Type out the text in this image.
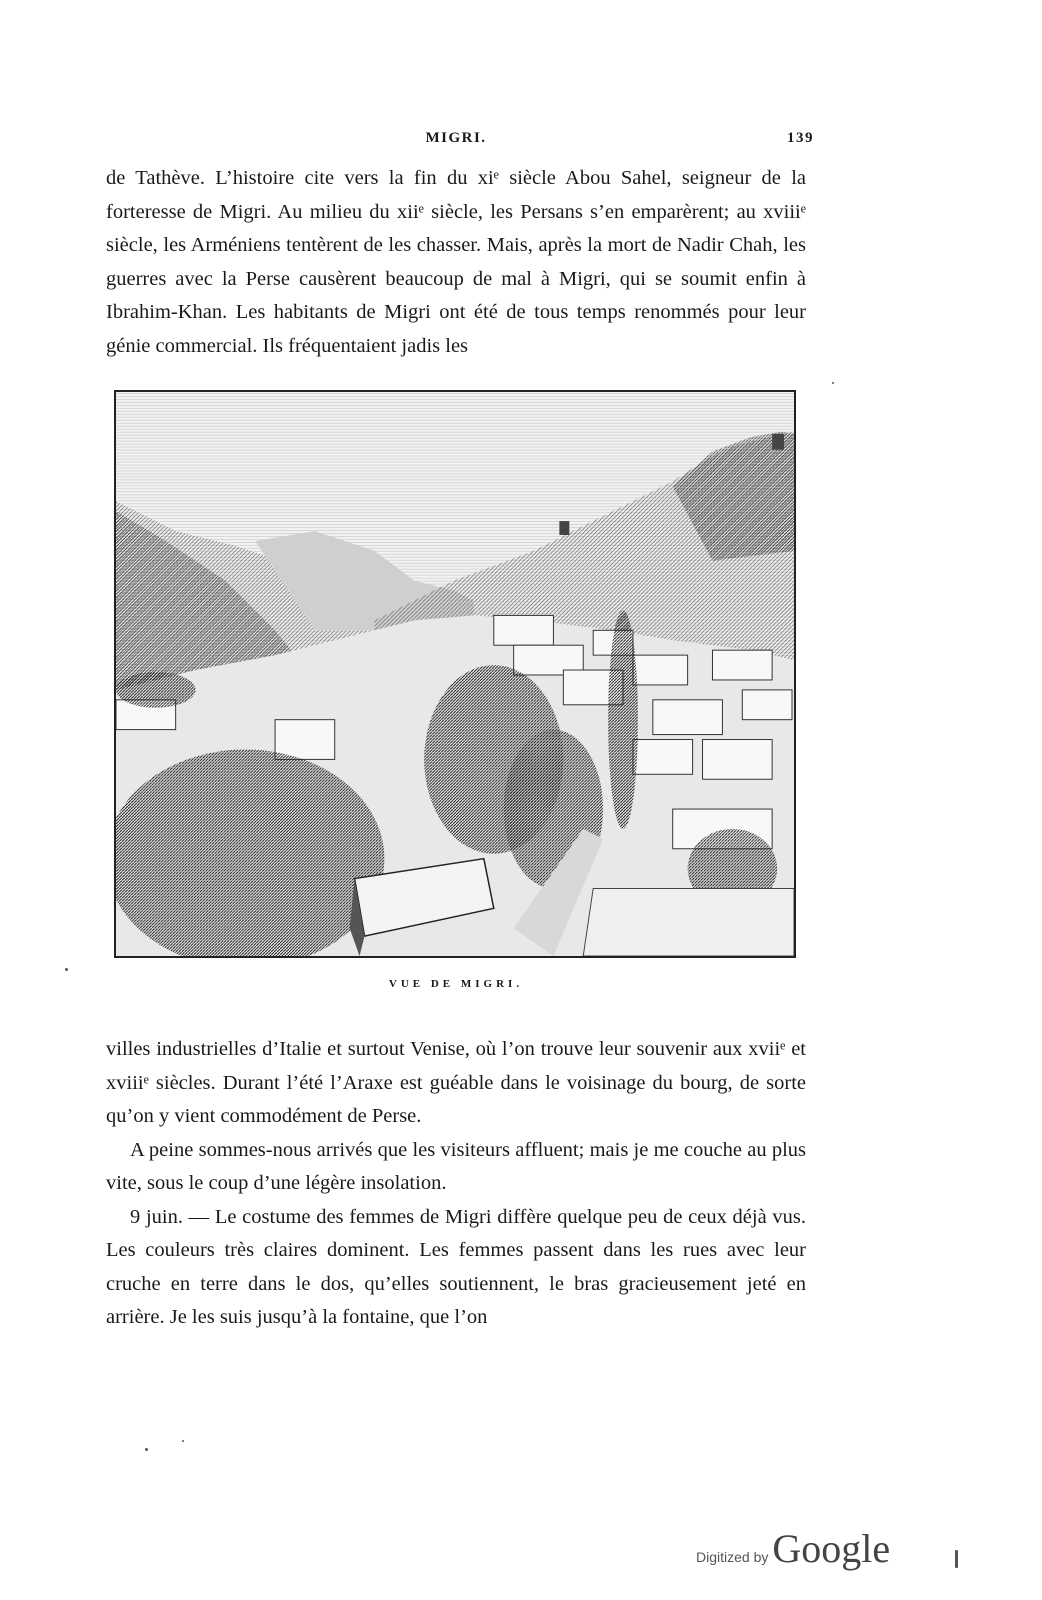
MIGRI.	139

de Tathève. L’histoire cite vers la fin du xiᵉ siècle Abou Sahel, seigneur de la forteresse de Migri. Au milieu du xiiᵉ siècle, les Persans s’en emparèrent; au xviiiᵉ siècle, les Arméniens tentèrent de les chasser. Mais, après la mort de Nadir Chah, les guerres avec la Perse causèrent beaucoup de mal à Migri, qui se soumit enfin à Ibrahim-Khan. Les habitants de Migri ont été de tous temps renommés pour leur génie commercial. Ils fréquentaient jadis les

VUE DE MIGRI.

villes industrielles d’Italie et surtout Venise, où l’on trouve leur souvenir aux xviiᵉ et xviiiᵉ siècles. Durant l’été l’Araxe est guéable dans le voisinage du bourg, de sorte qu’on y vient commodément de Perse.

A peine sommes-nous arrivés que les visiteurs affluent; mais je me couche au plus vite, sous le coup d’une légère insolation.

9 juin. — Le costume des femmes de Migri diffère quelque peu de ceux déjà vus. Les couleurs très claires dominent. Les femmes passent dans les rues avec leur cruche en terre dans le dos, qu’elles soutiennent, le bras gracieusement jeté en arrière. Je les suis jusqu’à la fontaine, que l’on

Digitized by Google
